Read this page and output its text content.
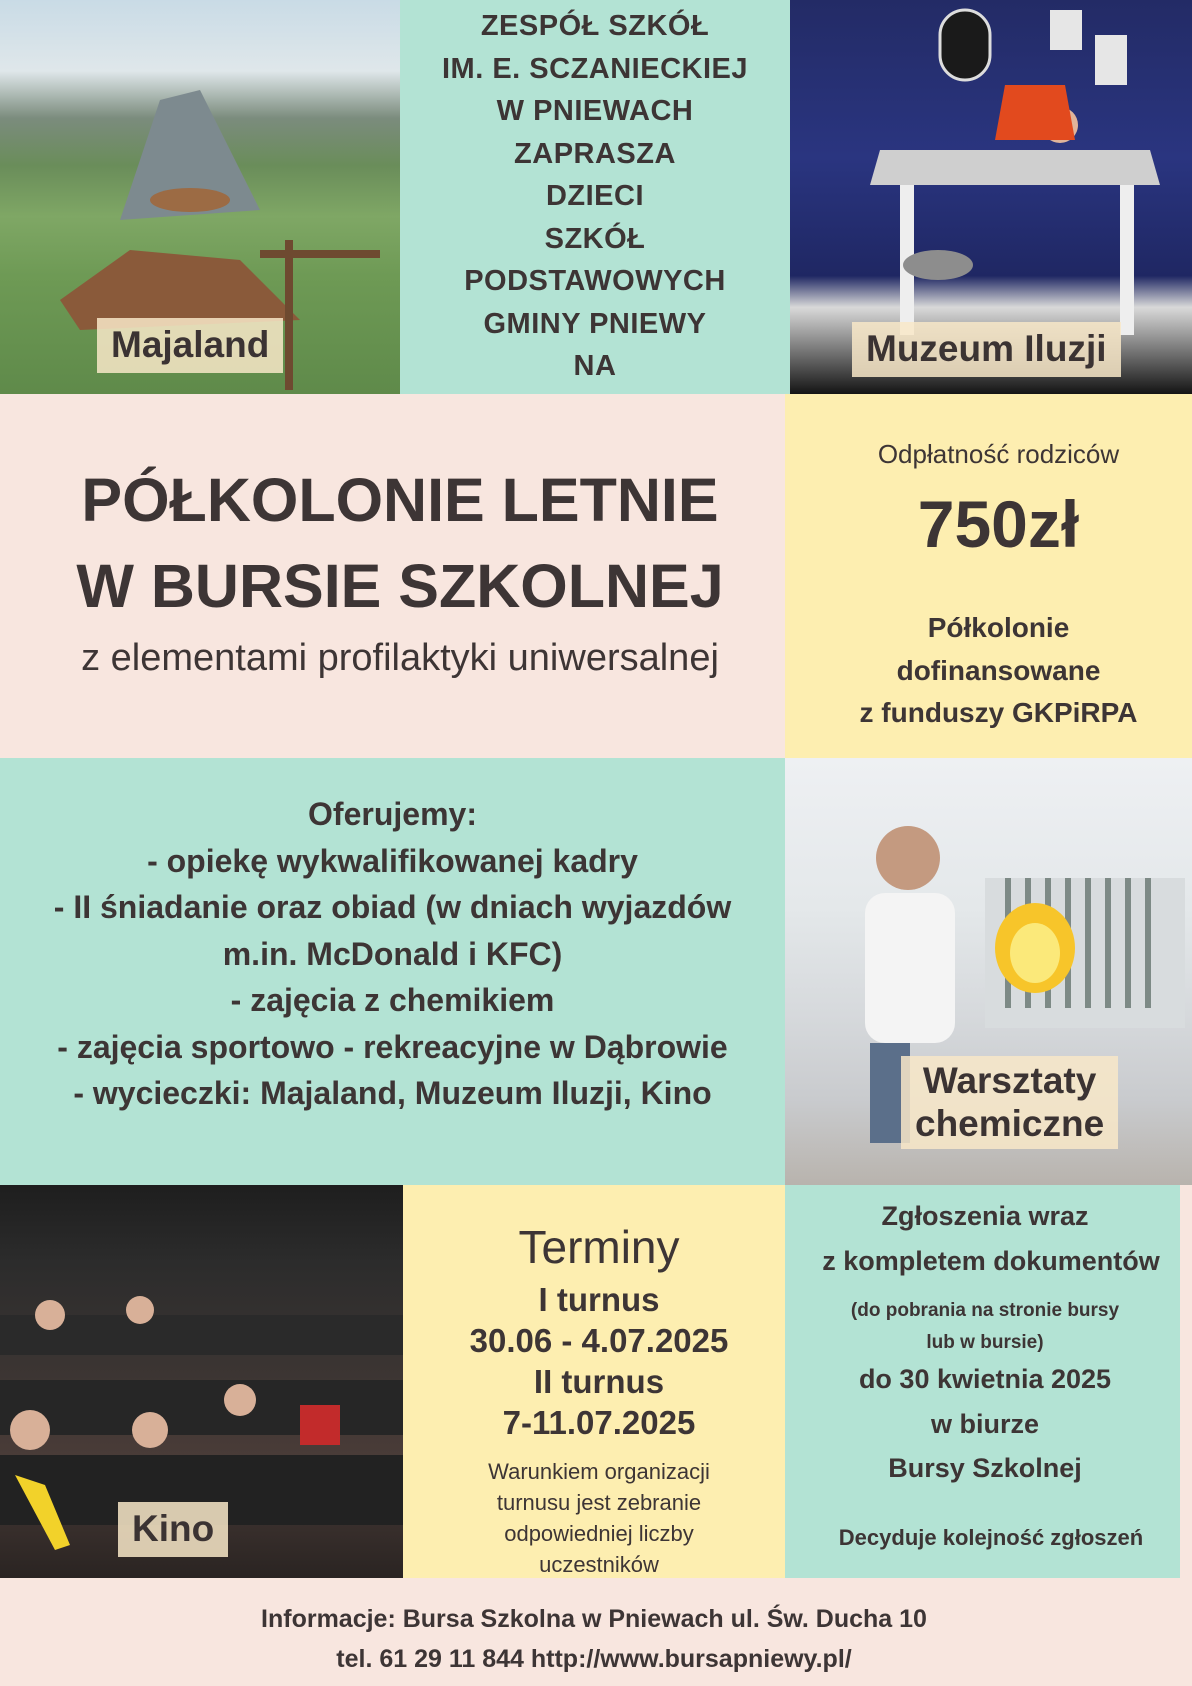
Majaland
ZESPÓŁ SZKÓŁ
IM. E. SCZANIECKIEJ
W PNIEWACH
ZAPRASZA
DZIECI
SZKÓŁ
PODSTAWOWYCH
GMINY PNIEWY
NA	Muzeum Iluzji
PÓŁKOLONIE LETNIE
W BURSIE SZKOLNEJ
z elementami profilaktyki uniwersalnej
Odpłatność rodziców
750zł
Półkolonie
dofinansowane
z funduszy GKPiRPA
Oferujemy:
- opiekę wykwalifikowanej kadry
- II śniadanie oraz obiad (w dniach wyjazdów
m.in. McDonald i KFC)
- zajęcia z chemikiem
- zajęcia sportowo - rekreacyjne w Dąbrowie
- wycieczki: Majaland, Muzeum Iluzji, Kino	Warsztaty
chemiczne
Kino
Terminy
I turnus
30.06 - 4.07.2025
II turnus
7-11.07.2025
Warunkiem organizacji
turnusu jest zebranie
odpowiedniej liczby
uczestników
Zgłoszenia wraz
z kompletem dokumentów
(do pobrania na stronie bursy
lub w bursie)
do 30 kwietnia 2025
w biurze
Bursy Szkolnej
Decyduje kolejność zgłoszeń
Informacje: Bursa Szkolna w Pniewach ul. Św. Ducha 10
tel. 61 29 11 844 http://www.bursapniewy.pl/
